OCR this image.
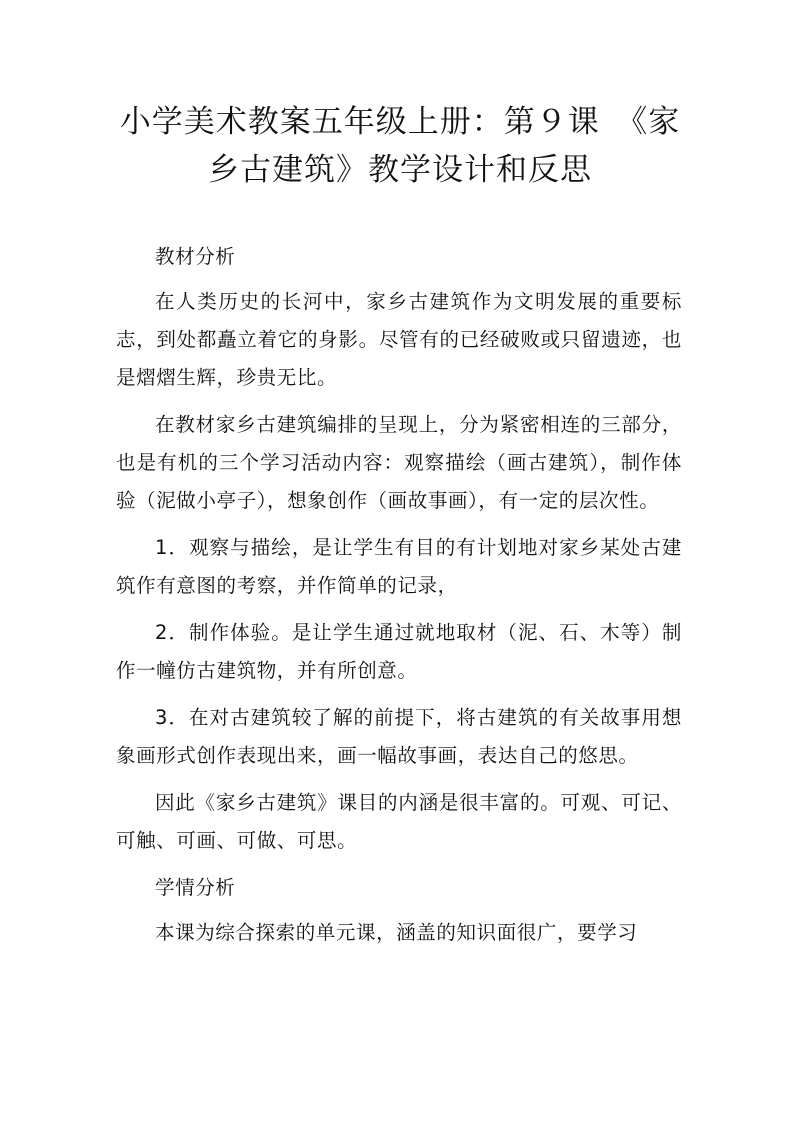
小学美术教案五年级上册：第９课　《家乡古建筑》教学设计和反思

教材分析

在人类历史的长河中，家乡古建筑作为文明发展的重要标志，到处都矗立着它的身影。尽管有的已经破败或只留遗迹，也是熠熠生辉，珍贵无比。

在教材家乡古建筑编排的呈现上，分为紧密相连的三部分，也是有机的三个学习活动内容：观察描绘（画古建筑），制作体验（泥做小亭子），想象创作（画故事画），有一定的层次性。

1．观察与描绘，是让学生有目的有计划地对家乡某处古建筑作有意图的考察，并作简单的记录，

2．制作体验。是让学生通过就地取材（泥、石、木等）制作一幢仿古建筑物，并有所创意。

3．在对古建筑较了解的前提下，将古建筑的有关故事用想象画形式创作表现出来，画一幅故事画，表达自己的悠思。

因此《家乡古建筑》课目的内涵是很丰富的。可观、可记、可触、可画、可做、可思。

学情分析

本课为综合探索的单元课，涵盖的知识面很广，要学习
